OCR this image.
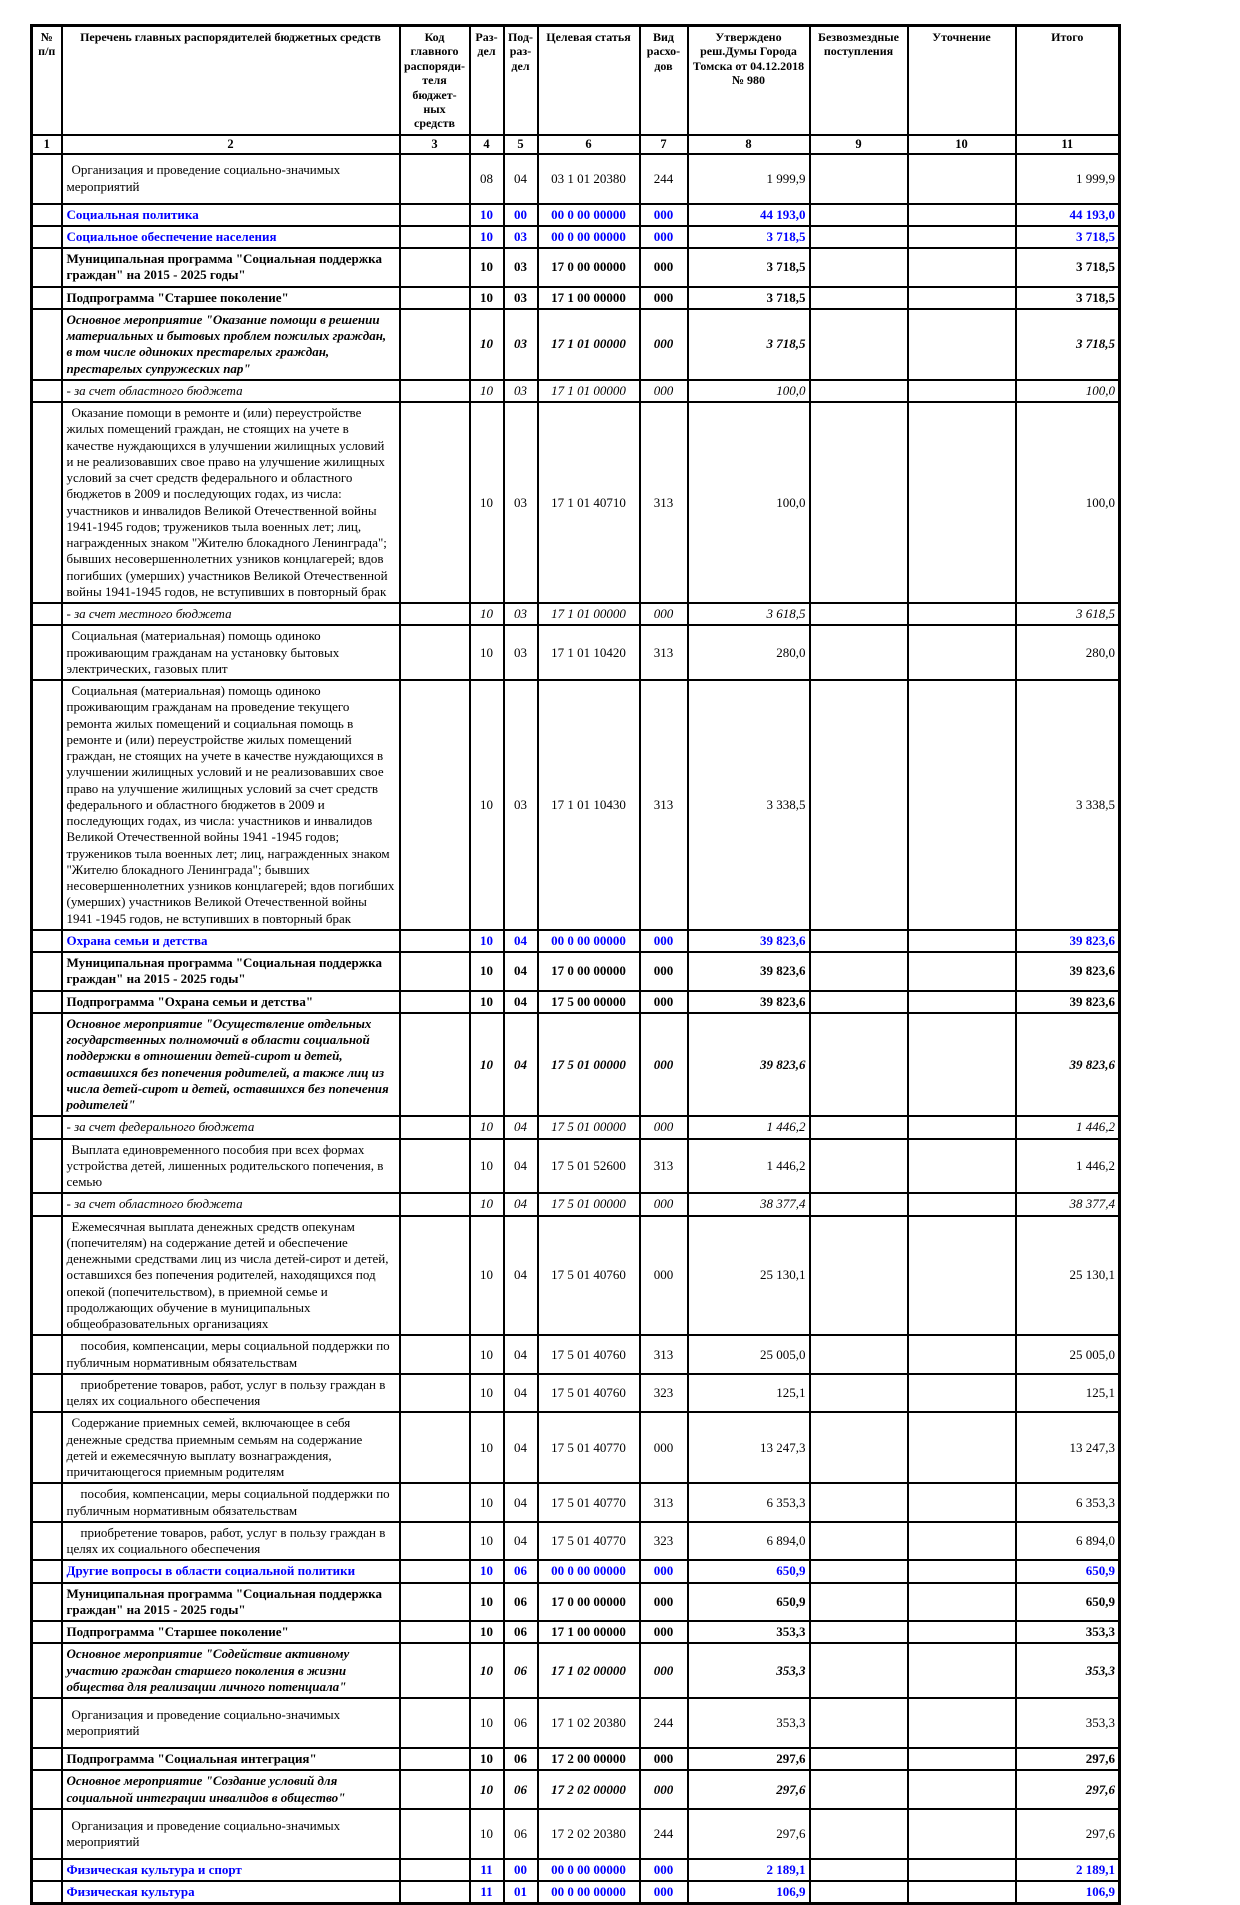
№ п/п	Перечень главных распорядителей бюджетных средств	Код главного распоряди-теля бюджет-ных средств	Раз-дел	Под-раз-дел	Целевая статья	Вид расхо-дов	Утверждено реш.Думы Города Томска от 04.12.2018 № 980	Безвозмездные поступления	Уточнение	Итого
1	2	3	4	5	6	7	8	9	10	11
	Организация и проведение социально-значимых мероприятий		08	04	03 1 01 20380	244	1 999,9			1 999,9
	Социальная политика		10	00	00 0 00 00000	000	44 193,0			44 193,0
	Социальное обеспечение населения		10	03	00 0 00 00000	000	3 718,5			3 718,5
	Муниципальная программа "Социальная поддержка граждан" на 2015 - 2025 годы"		10	03	17 0 00 00000	000	3 718,5			3 718,5
	Подпрограмма "Старшее поколение"		10	03	17 1 00 00000	000	3 718,5			3 718,5
	Основное мероприятие "Оказание помощи в решении материальных и бытовых проблем пожилых граждан, в том числе одиноких престарелых граждан, престарелых супружеских пар"		10	03	17 1 01 00000	000	3 718,5			3 718,5
	- за счет областного бюджета		10	03	17 1 01 00000	000	100,0			100,0
	Оказание помощи в ремонте и (или) переустройстве жилых помещений граждан, не стоящих на учете в качестве нуждающихся в улучшении жилищных условий и не реализовавших свое право на улучшение жилищных условий за счет средств федерального и областного бюджетов в 2009 и последующих годах, из числа: участников и инвалидов Великой Отечественной войны 1941-1945 годов; тружеников тыла военных лет; лиц, награжденных знаком "Жителю блокадного Ленинграда"; бывших несовершеннолетних узников концлагерей; вдов погибших (умерших) участников Великой Отечественной войны 1941-1945 годов, не вступивших в повторный брак		10	03	17 1 01 40710	313	100,0			100,0
	- за счет местного бюджета		10	03	17 1 01 00000	000	3 618,5			3 618,5
	Социальная (материальная) помощь одиноко проживающим гражданам на установку бытовых электрических, газовых плит		10	03	17 1 01 10420	313	280,0			280,0
	Социальная (материальная) помощь одиноко проживающим гражданам на проведение текущего ремонта жилых помещений и социальная помощь в ремонте и (или) переустройстве жилых помещений граждан, не стоящих на учете в качестве нуждающихся в улучшении жилищных условий и не реализовавших свое право на улучшение жилищных условий за счет средств федерального и областного бюджетов в 2009 и последующих годах, из числа: участников и инвалидов Великой Отечественной войны 1941 -1945 годов; тружеников тыла военных лет; лиц, награжденных знаком "Жителю блокадного Ленинграда"; бывших несовершеннолетних узников концлагерей; вдов погибших (умерших) участников Великой Отечественной войны 1941 -1945 годов, не вступивших в повторный брак		10	03	17 1 01 10430	313	3 338,5			3 338,5
	Охрана семьи и детства		10	04	00 0 00 00000	000	39 823,6			39 823,6
	Муниципальная программа "Социальная поддержка граждан" на 2015 - 2025 годы"		10	04	17 0 00 00000	000	39 823,6			39 823,6
	Подпрограмма "Охрана семьи и детства"		10	04	17 5 00 00000	000	39 823,6			39 823,6
	Основное мероприятие "Осуществление отдельных государственных полномочий в области социальной поддержки в отношении детей-сирот и детей, оставшихся без попечения родителей, а также лиц из числа детей-сирот и детей, оставшихся без попечения родителей"		10	04	17 5 01 00000	000	39 823,6			39 823,6
	- за счет федерального бюджета		10	04	17 5 01 00000	000	1 446,2			1 446,2
	Выплата единовременного пособия при всех формах устройства детей, лишенных родительского попечения, в семью		10	04	17 5 01 52600	313	1 446,2			1 446,2
	- за счет областного бюджета		10	04	17 5 01 00000	000	38 377,4			38 377,4
	Ежемесячная выплата денежных средств опекунам (попечителям) на содержание детей и обеспечение денежными средствами лиц из числа детей-сирот и детей, оставшихся без попечения родителей, находящихся под опекой (попечительством), в приемной семье и продолжающих обучение в муниципальных общеобразовательных организациях		10	04	17 5 01 40760	000	25 130,1			25 130,1
	пособия, компенсации, меры социальной поддержки по публичным нормативным обязательствам		10	04	17 5 01 40760	313	25 005,0			25 005,0
	приобретение товаров, работ, услуг в пользу граждан в целях их социального обеспечения		10	04	17 5 01 40760	323	125,1			125,1
	Содержание приемных семей, включающее в себя денежные средства приемным семьям на содержание детей и ежемесячную выплату вознаграждения, причитающегося приемным родителям		10	04	17 5 01 40770	000	13 247,3			13 247,3
	пособия, компенсации, меры социальной поддержки по публичным нормативным обязательствам		10	04	17 5 01 40770	313	6 353,3			6 353,3
	приобретение товаров, работ, услуг в пользу граждан в целях их социального обеспечения		10	04	17 5 01 40770	323	6 894,0			6 894,0
	Другие вопросы в области социальной политики		10	06	00 0 00 00000	000	650,9			650,9
	Муниципальная программа "Социальная поддержка граждан" на 2015 - 2025 годы"		10	06	17 0 00 00000	000	650,9			650,9
	Подпрограмма "Старшее поколение"		10	06	17 1 00 00000	000	353,3			353,3
	Основное мероприятие "Содействие активному участию граждан старшего поколения в жизни общества для реализации личного потенциала"		10	06	17 1 02 00000	000	353,3			353,3
	Организация и проведение социально-значимых мероприятий		10	06	17 1 02 20380	244	353,3			353,3
	Подпрограмма "Социальная интеграция"		10	06	17 2 00 00000	000	297,6			297,6
	Основное мероприятие "Создание условий для социальной интеграции инвалидов в общество"		10	06	17 2 02 00000	000	297,6			297,6
	Организация и проведение социально-значимых мероприятий		10	06	17 2 02 20380	244	297,6			297,6
	Физическая культура и спорт		11	00	00 0 00 00000	000	2 189,1			2 189,1
	Физическая культура		11	01	00 0 00 00000	000	106,9			106,9
